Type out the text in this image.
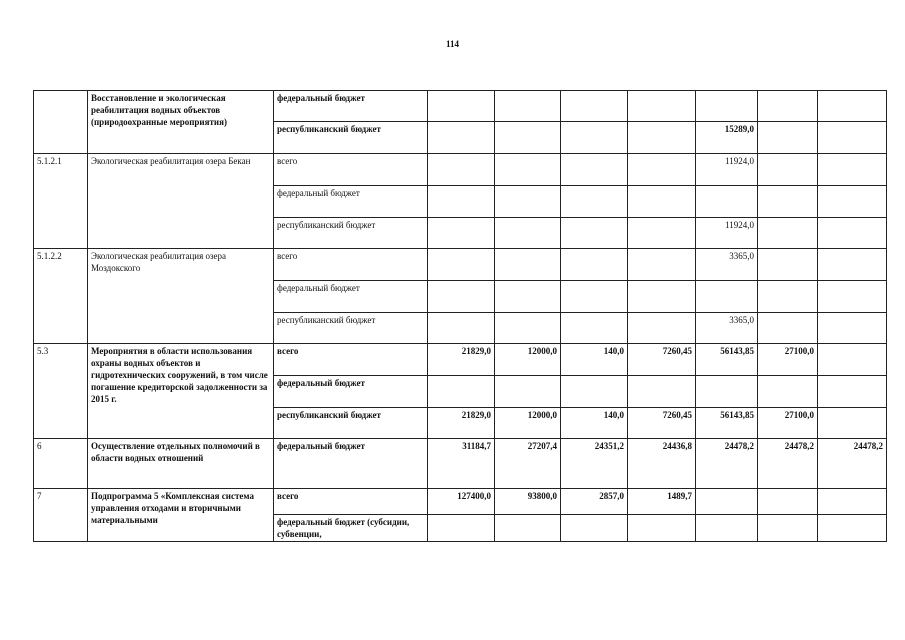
114
	Восстановление и экологическая реабилитация водных объектов (природоохранные мероприятия)	федеральный бюджет							
		республиканский бюджет					15289,0		
5.1.2.1	Экологическая реабилитация озера Бекан	всего					11924,0		
		федеральный бюджет							
		республиканский бюджет					11924,0		
5.1.2.2	Экологическая реабилитация озера Моздокского	всего					3365,0		
		федеральный бюджет							
		республиканский бюджет					3365,0		
5.3	Мероприятия в области использования охраны водных объектов и гидротехнических сооружений, в том числе погашение кредиторской задолженности за 2015 г.	всего	21829,0	12000,0	140,0	7260,45	56143,85	27100,0	
		федеральный бюджет							
		республиканский бюджет	21829,0	12000,0	140,0	7260,45	56143,85	27100,0	
6	Осуществление отдельных полномочий в области водных отношений	федеральный бюджет	31184,7	27207,4	24351,2	24436,8	24478,2	24478,2	24478,2
7	Подпрограмма 5 «Комплексная система управления отходами и вторичными материальными	всего	127400,0	93800,0	2857,0	1489,7			
		федеральный бюджет (субсидии, субвенции,							
